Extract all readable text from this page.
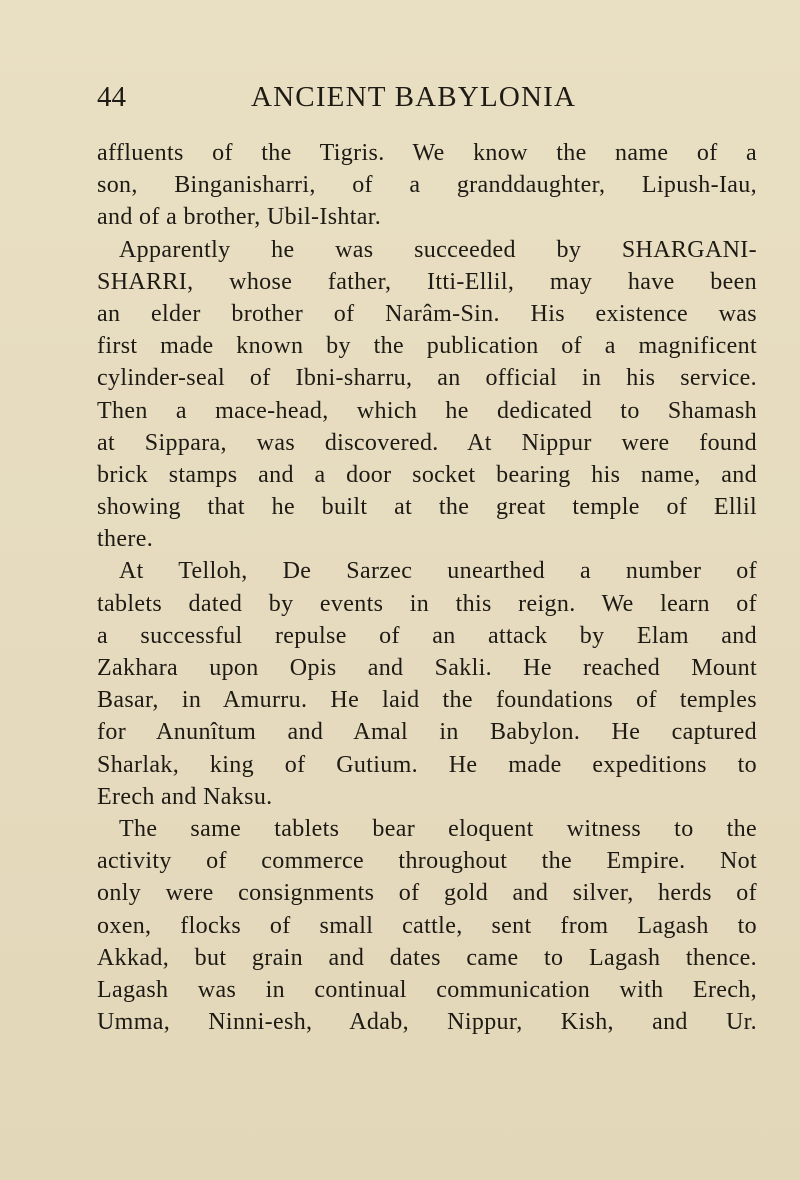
44	ANCIENT BABYLONIA
affluents of the Tigris. We know the name of a
son, Binganisharri, of a granddaughter, Lipush-Iau,
and of a brother, Ubil-Ishtar.
Apparently he was succeeded by SHARGANI-
SHARRI, whose father, Itti-Ellil, may have been
an elder brother of Narâm-Sin. His existence was
first made known by the publication of a magnificent
cylinder-seal of Ibni-sharru, an official in his service.
Then a mace-head, which he dedicated to Shamash
at Sippara, was discovered. At Nippur were found
brick stamps and a door socket bearing his name, and
showing that he built at the great temple of Ellil
there.
At Telloh, De Sarzec unearthed a number of
tablets dated by events in this reign. We learn of
a successful repulse of an attack by Elam and
Zakhara upon Opis and Sakli. He reached Mount
Basar, in Amurru. He laid the foundations of temples
for Anunîtum and Amal in Babylon. He captured
Sharlak, king of Gutium. He made expeditions to
Erech and Naksu.
The same tablets bear eloquent witness to the
activity of commerce throughout the Empire. Not
only were consignments of gold and silver, herds of
oxen, flocks of small cattle, sent from Lagash to
Akkad, but grain and dates came to Lagash thence.
Lagash was in continual communication with Erech,
Umma, Ninni-esh, Adab, Nippur, Kish, and Ur.
